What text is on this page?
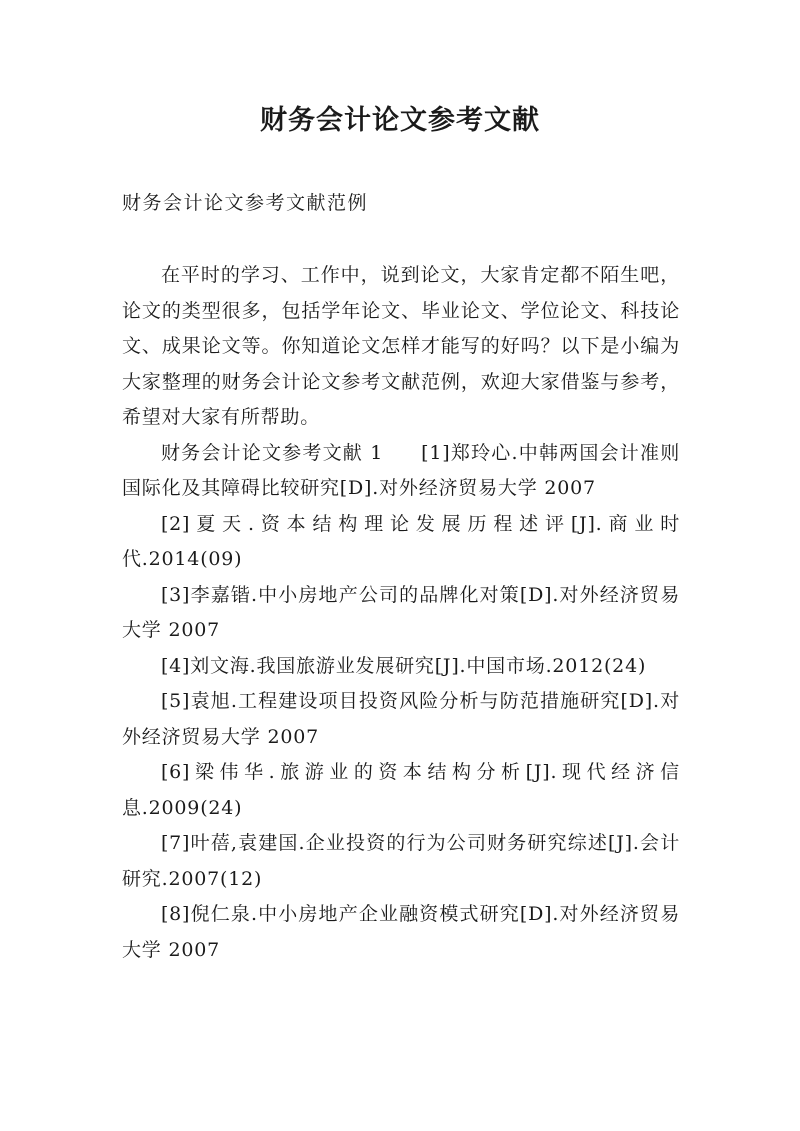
财务会计论文参考文献
财务会计论文参考文献范例

在平时的学习、工作中，说到论文，大家肯定都不陌生吧，论文的类型很多，包括学年论文、毕业论文、学位论文、科技论文、成果论文等。你知道论文怎样才能写的好吗？以下是小编为大家整理的财务会计论文参考文献范例，欢迎大家借鉴与参考，希望对大家有所帮助。

财务会计论文参考文献 1 [1]郑玲心.中韩两国会计准则国际化及其障碍比较研究[D].对外经济贸易大学 2007

[2]夏天.资本结构理论发展历程述评[J].商业时代.2014(09)

[3]李嘉锴.中小房地产公司的品牌化对策[D].对外经济贸易大学 2007

[4]刘文海.我国旅游业发展研究[J].中国市场.2012(24)

[5]袁旭.工程建设项目投资风险分析与防范措施研究[D].对外经济贸易大学 2007

[6]梁伟华.旅游业的资本结构分析[J].现代经济信息.2009(24)

[7]叶蓓,袁建国.企业投资的行为公司财务研究综述[J].会计研究.2007(12)

[8]倪仁泉.中小房地产企业融资模式研究[D].对外经济贸易大学 2007
